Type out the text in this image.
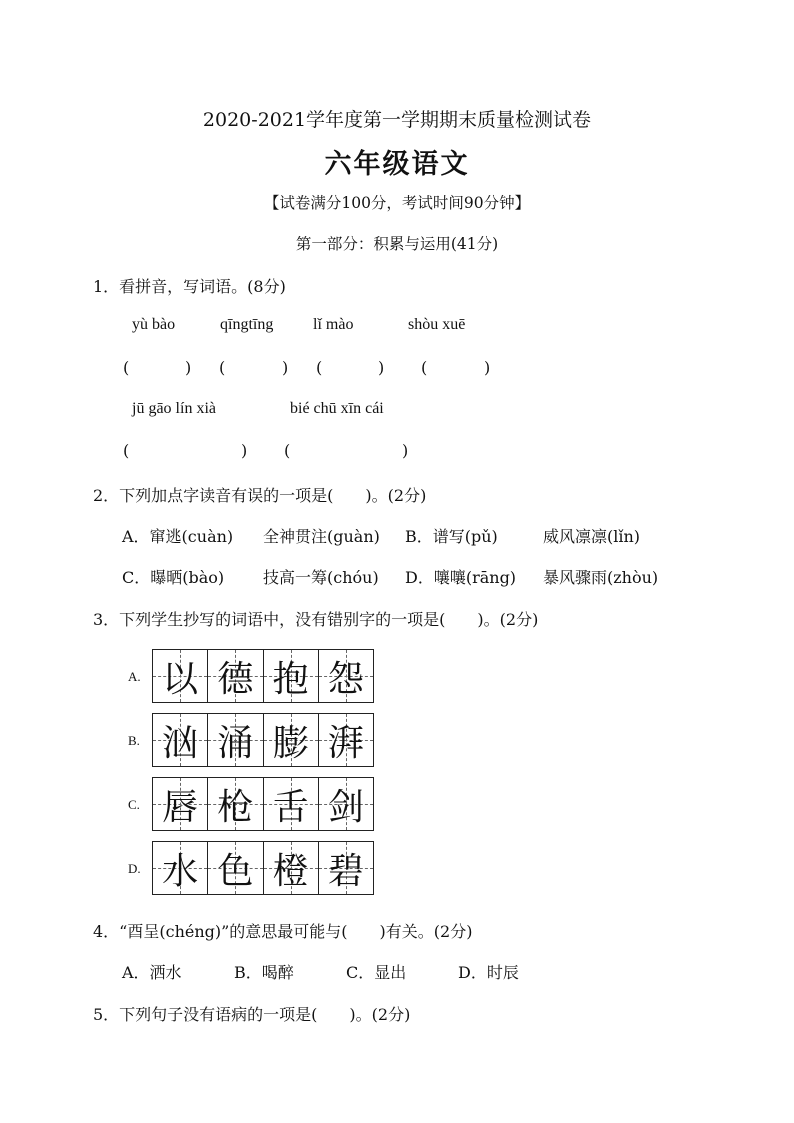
2020-2021学年度第一学期期末质量检测试卷
六年级语文
【试卷满分100分，考试时间90分钟】
第一部分：积累与运用(41分)
1．看拼音，写词语。(8分)
yù bào	qīngtīng lǐ mào	shòu xuē
(	) (	) (	) (	)
jū gāo lín xià	bié chū xīn cái
(	) (	)
2．下列加点字读音有误的一项是(　　)。(2分)
A．窜逃(cuàn) 全神贯注(guàn) B．谱写(pǔ)	威风凛凛(lǐn)
C．曝晒(bào) 技高一筹(chóu) D．嚷嚷(rāng) 暴风骤雨(zhòu)
3．下列学生抄写的词语中，没有错别字的一项是(　　)。(2分)
A. 以 德 抱 怨
B. 汹 涌 膨 湃
C. 唇 枪 舌 剑
D. 水 色 橙 碧
4．“酉呈(chéng)”的意思最可能与(　　)有关。(2分)
A．洒水	B．喝醉	C．显出	D．时辰
5．下列句子没有语病的一项是(　　)。(2分)
